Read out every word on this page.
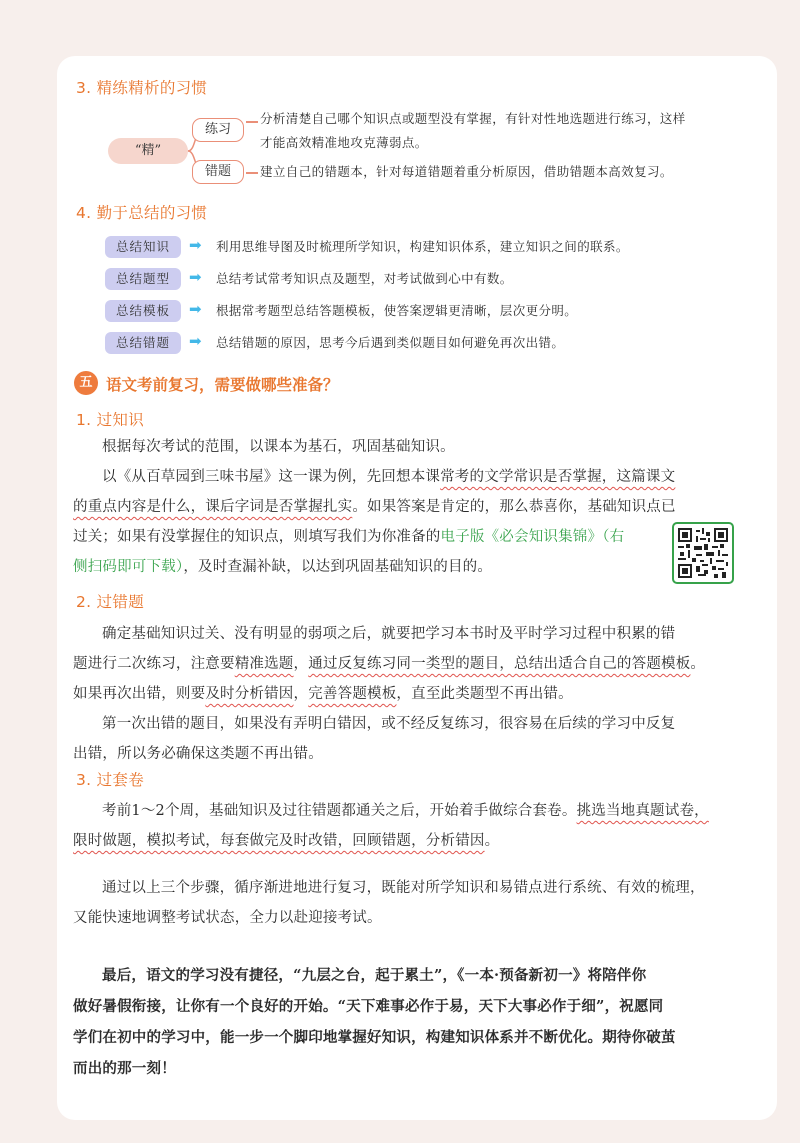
3. 精练精析的习惯
“精”
练习
错题
分析清楚自己哪个知识点或题型没有掌握，有针对性地选题进行练习，这样
才能高效精准地攻克薄弱点。
建立自己的错题本，针对每道错题着重分析原因，借助错题本高效复习。
4. 勤于总结的习惯
总结知识	➡ 利用思维导图及时梳理所学知识，构建知识体系，建立知识之间的联系。
总结题型	➡ 总结考试常考知识点及题型，对考试做到心中有数。
总结模板	➡ 根据常考题型总结答题模板，使答案逻辑更清晰，层次更分明。
总结错题	➡ 总结错题的原因，思考今后遇到类似题目如何避免再次出错。
五 语文考前复习，需要做哪些准备？
1. 过知识
根据每次考试的范围，以课本为基石，巩固基础知识。
以《从百草园到三味书屋》这一课为例，先回想本课常考的文学常识是否掌握，这篇课文
的重点内容是什么，课后字词是否掌握扎实。如果答案是肯定的，那么恭喜你，基础知识点已
过关；如果有没掌握住的知识点，则填写我们为你准备的电子版《必会知识集锦》（右
侧扫码即可下载），及时查漏补缺，以达到巩固基础知识的目的。
2. 过错题
确定基础知识过关、没有明显的弱项之后，就要把学习本书时及平时学习过程中积累的错
题进行二次练习，注意要精准选题，通过反复练习同一类型的题目，总结出适合自己的答题模板。
如果再次出错，则要及时分析错因，完善答题模板，直至此类题型不再出错。
第一次出错的题目，如果没有弄明白错因，或不经反复练习，很容易在后续的学习中反复
出错，所以务必确保这类题不再出错。
3. 过套卷
考前1～2个周，基础知识及过往错题都通关之后，开始着手做综合套卷。挑选当地真题试卷，
限时做题，模拟考试，每套做完及时改错，回顾错题，分析错因。
通过以上三个步骤，循序渐进地进行复习，既能对所学知识和易错点进行系统、有效的梳理，
又能快速地调整考试状态，全力以赴迎接考试。
最后，语文的学习没有捷径，“九层之台，起于累土”，《一本·预备新初一》将陪伴你
做好暑假衔接，让你有一个良好的开始。“天下难事必作于易，天下大事必作于细”，祝愿同
学们在初中的学习中，能一步一个脚印地掌握好知识，构建知识体系并不断优化。期待你破茧
而出的那一刻！
